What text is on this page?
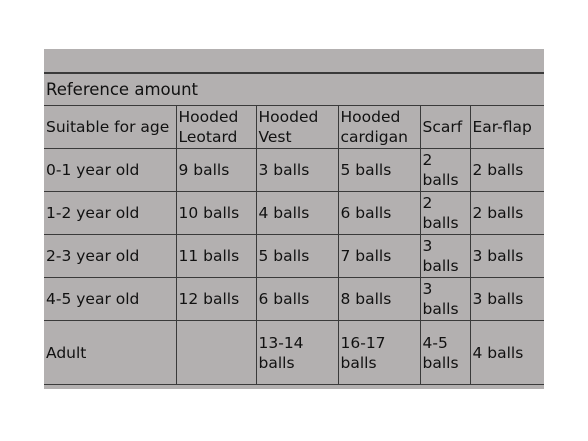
Reference amount					
Suitable for age	Hooded Leotard	Hooded Vest	Hooded cardigan	Scarf	Ear-flap
0-1 year old	9 balls	3 balls	5 balls	2 balls	2 balls
1-2 year old	10 balls	4 balls	6 balls	2 balls	2 balls
2-3 year old	11 balls	5 balls	7 balls	3 balls	3 balls
4-5 year old	12 balls	6 balls	8 balls	3 balls	3 balls
Adult		13-14 balls	16-17 balls	4-5 balls	4 balls
